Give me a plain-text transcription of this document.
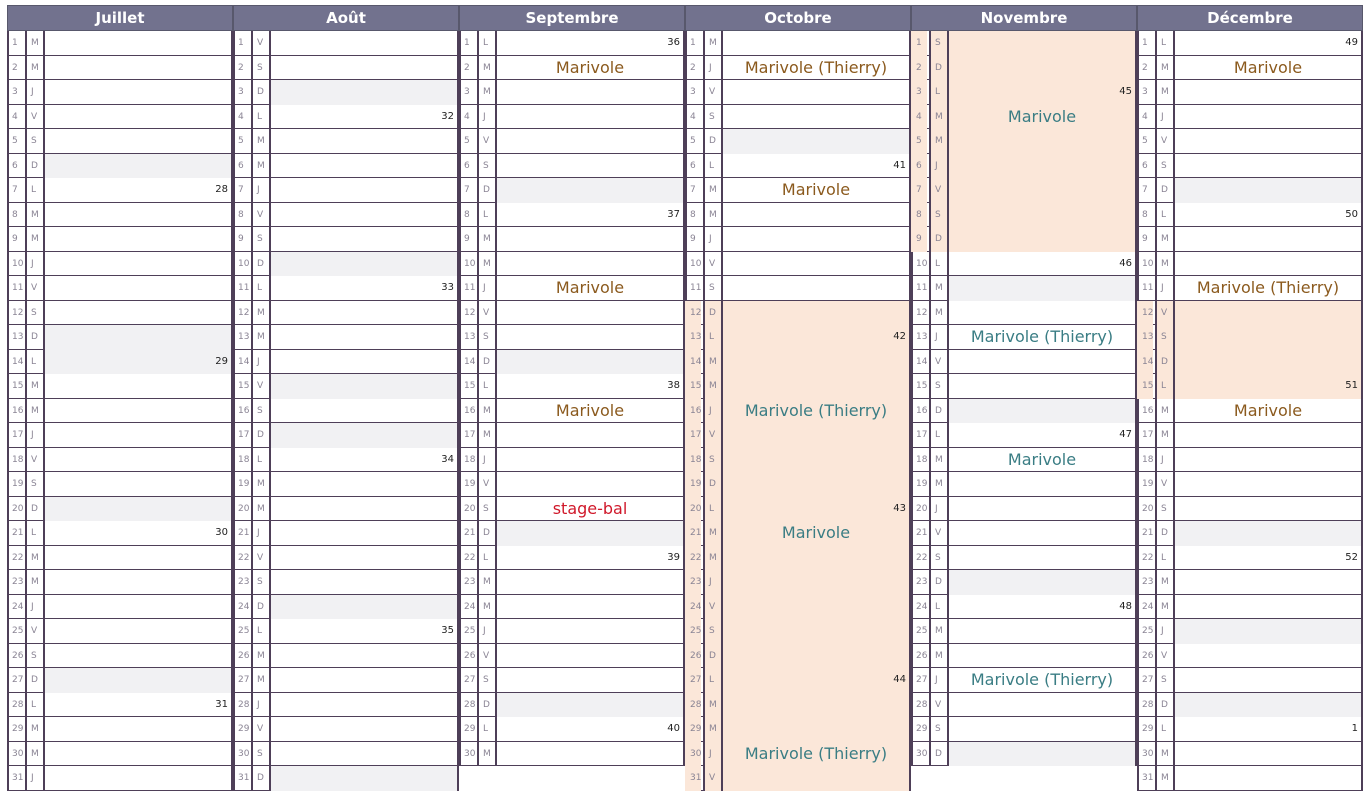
Juillet
1	M
2	M
3	J
4	V
5	S
6	D
7	L	28
8	M
9	M
10 J
11 V
12 S
13 D
14 L	29
15 M
16 M
17 J
18 V
19 S
20 D
21 L	30
22 M
23 M
24 J
25 V
26 S
27 D
28 L	31
29 M
30 M
31 J
Août
1	V
2	S
3	D
4	L	32
5	M
6	M
7	J
8	V
9	S
10 D
11 L	33
12 M
13 M
14 J
15 V
16 S
17 D
18 L	34
19 M
20 M
21 J
22 V
23 S
24 D
25 L	35
26 M
27 M
28 J
29 V
30 S
31 D
Septembre
1	L	36
2	M	Marivole
3	M
4	J
5	V
6	S
7	D
8	L	37
9	M
10 M
11 J	Marivole
12 V
13 S
14 D
15 L	38
16 M	Marivole
17 M
18 J
19 V
20 S	stage-bal
21 D
22 L	39
23 M
24 M
25 J
26 V
27 S
28 D
29 L	40
30 M
Octobre
1	M
2	J	Marivole (Thierry)
3	V
4	S
5	D
6	L	41
7	M	Marivole
8	M
9	J
10 V
11 S
12 D
13 L	42
14 M
15 M
16 J	Marivole (Thierry)
17 V
18 S
19 D
20 L	43
21 M	Marivole
22 M
23 J
24 V
25 S
26 D
27 L	44
28 M
29 M
30 J	Marivole (Thierry)
31 V
Novembre
1	S
2	D
3	L	45
4	M	Marivole
5	M
6	J
7	V
8	S
9	D
10 L	46
11 M
12 M
13 J	Marivole (Thierry)
14 V
15 S
16 D
17 L	47
18 M	Marivole
19 M
20 J
21 V
22 S
23 D
24 L	48
25 M
26 M
27 J	Marivole (Thierry)
28 V
29 S
30 D
Décembre
1	L	49
2	M	Marivole
3	M
4	J
5	V
6	S
7	D
8	L	50
9	M
10 M
11 J	Marivole (Thierry)
12 V
13 S
14 D
15 L	51
16 M	Marivole
17 M
18 J
19 V
20 S
21 D
22 L	52
23 M
24 M
25 J
26 V
27 S
28 D
29 L	1
30 M
31 M
